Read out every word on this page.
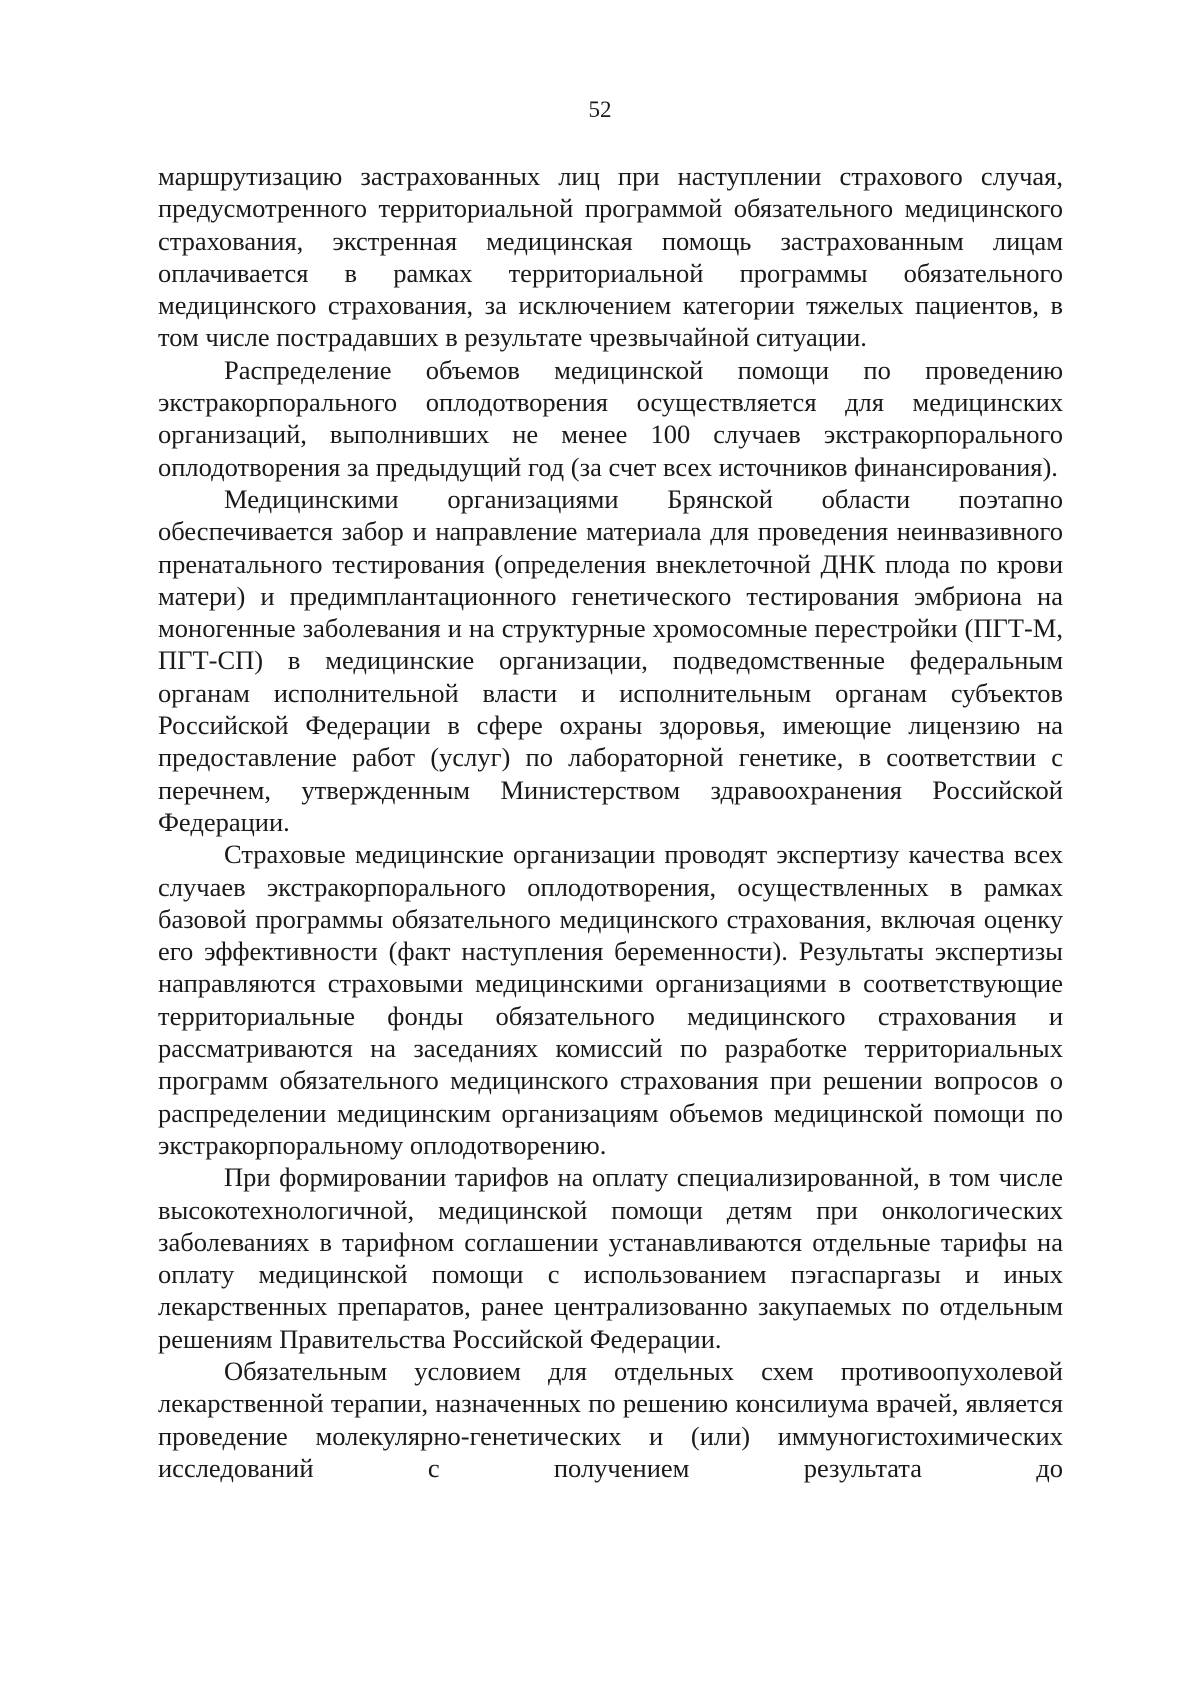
52

маршрутизацию застрахованных лиц при наступлении страхового случая, предусмотренного территориальной программой обязательного медицинского страхования, экстренная медицинская помощь застрахованным лицам оплачивается в рамках территориальной программы обязательного медицинского страхования, за исключением категории тяжелых пациентов, в том числе пострадавших в результате чрезвычайной ситуации.

Распределение объемов медицинской помощи по проведению экстракорпорального оплодотворения осуществляется для медицинских организаций, выполнивших не менее 100 случаев экстракорпорального оплодотворения за предыдущий год (за счет всех источников финансирования).

Медицинскими организациями Брянской области поэтапно обеспечивается забор и направление материала для проведения неинвазивного пренатального тестирования (определения внеклеточной ДНК плода по крови матери) и предимплантационного генетического тестирования эмбриона на моногенные заболевания и на структурные хромосомные перестройки (ПГТ-М, ПГТ-СП) в медицинские организации, подведомственные федеральным органам исполнительной власти и исполнительным органам субъектов Российской Федерации в сфере охраны здоровья, имеющие лицензию на предоставление работ (услуг) по лабораторной генетике, в соответствии с перечнем, утвержденным Министерством здравоохранения Российской Федерации.

Страховые медицинские организации проводят экспертизу качества всех случаев экстракорпорального оплодотворения, осуществленных в рамках базовой программы обязательного медицинского страхования, включая оценку его эффективности (факт наступления беременности). Результаты экспертизы направляются страховыми медицинскими организациями в соответствующие территориальные фонды обязательного медицинского страхования и рассматриваются на заседаниях комиссий по разработке территориальных программ обязательного медицинского страхования при решении вопросов о распределении медицинским организациям объемов медицинской помощи по экстракорпоральному оплодотворению.

При формировании тарифов на оплату специализированной, в том числе высокотехнологичной, медицинской помощи детям при онкологических заболеваниях в тарифном соглашении устанавливаются отдельные тарифы на оплату медицинской помощи с использованием пэгаспаргазы и иных лекарственных препаратов, ранее централизованно закупаемых по отдельным решениям Правительства Российской Федерации.

Обязательным условием для отдельных схем противоопухолевой лекарственной терапии, назначенных по решению консилиума врачей, является проведение молекулярно-генетических и (или) иммуногистохимических исследований с получением результата до
